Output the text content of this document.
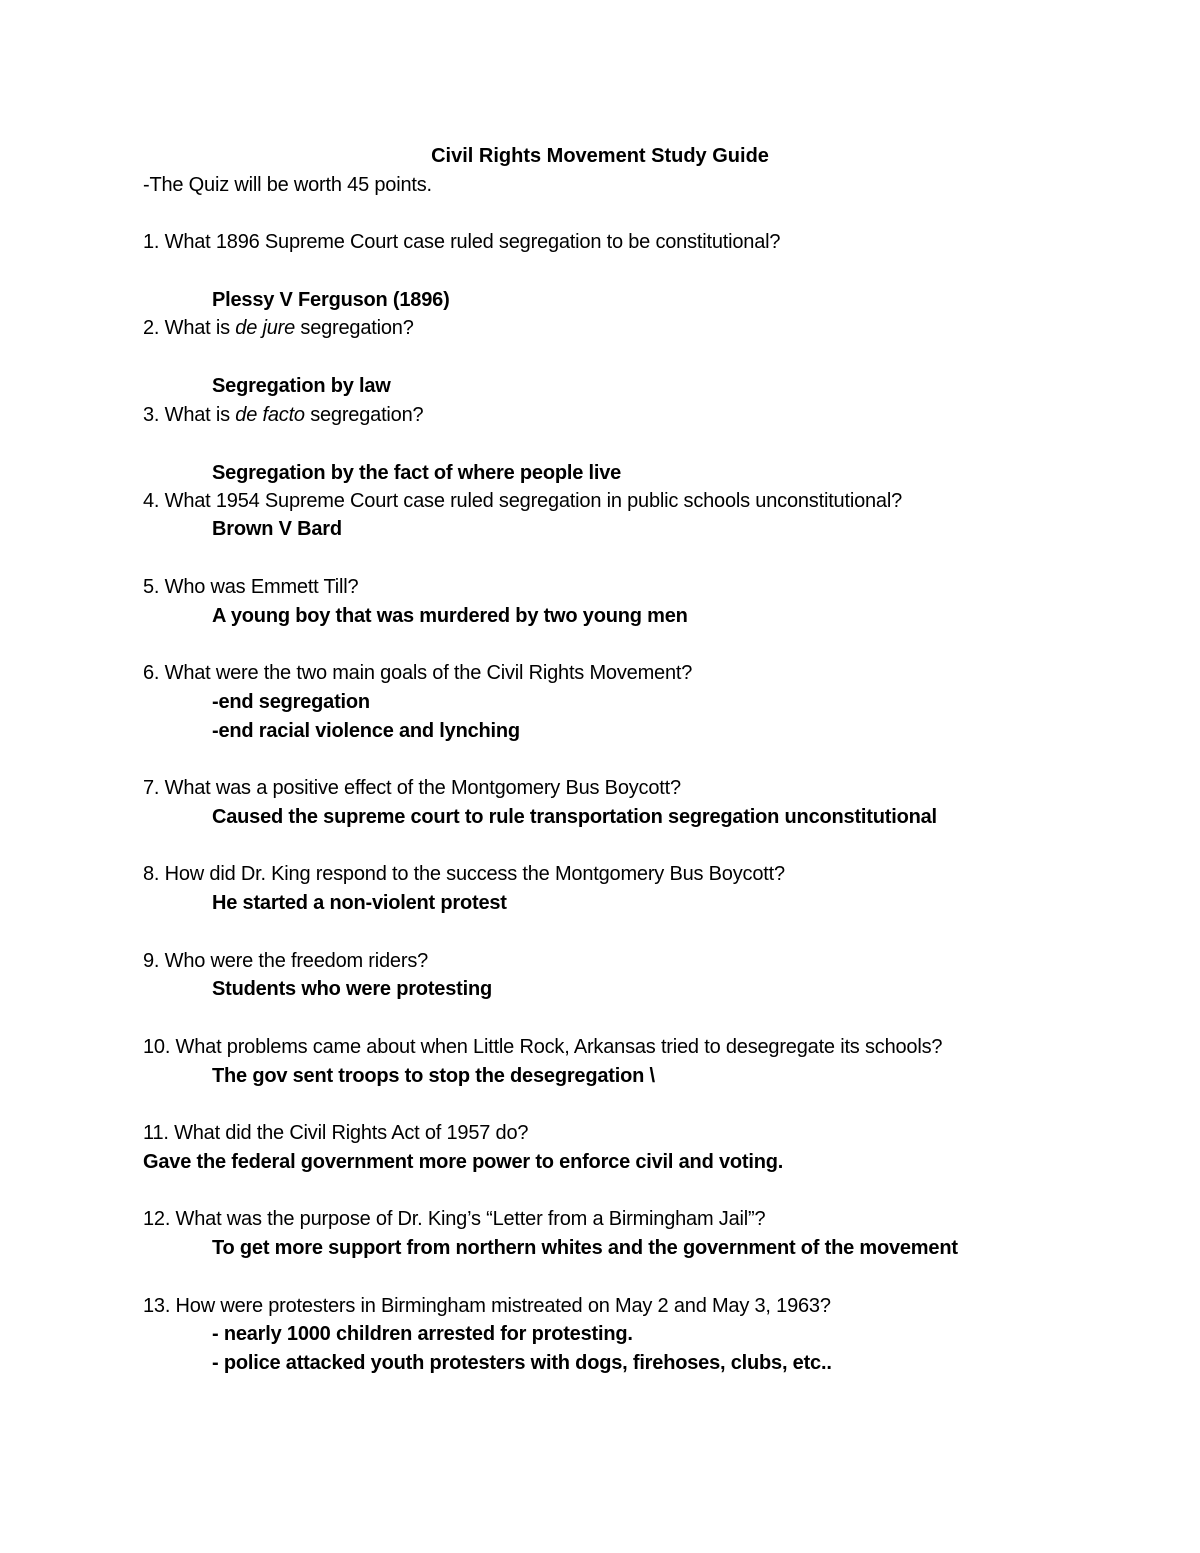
Civil Rights Movement Study Guide
-The Quiz will be worth 45 points.
1. What 1896 Supreme Court case ruled segregation to be constitutional?
Plessy V Ferguson (1896)
2. What is de jure segregation?
Segregation by law
3. What is de facto segregation?
Segregation by the fact of where people live
4. What 1954 Supreme Court case ruled segregation in public schools unconstitutional?
Brown V Bard
5. Who was Emmett Till?
A young boy that was murdered by two young men
6. What were the two main goals of the Civil Rights Movement?
-end segregation
-end racial violence and lynching
7. What was a positive effect of the Montgomery Bus Boycott?
Caused the supreme court to rule transportation segregation unconstitutional
8. How did Dr. King respond to the success the Montgomery Bus Boycott?
He started a non-violent protest
9. Who were the freedom riders?
Students who were protesting
10. What problems came about when Little Rock, Arkansas tried to desegregate its schools?
The gov sent troops to stop the desegregation \
11. What did the Civil Rights Act of 1957 do?
Gave the federal government more power to enforce civil and voting.
12. What was the purpose of Dr. King’s “Letter from a Birmingham Jail”?
To get more support from northern whites and the government of the movement
13. How were protesters in Birmingham mistreated on May 2 and May 3, 1963?
- nearly 1000 children arrested for protesting.
- police attacked youth protesters with dogs, firehoses, clubs, etc..
